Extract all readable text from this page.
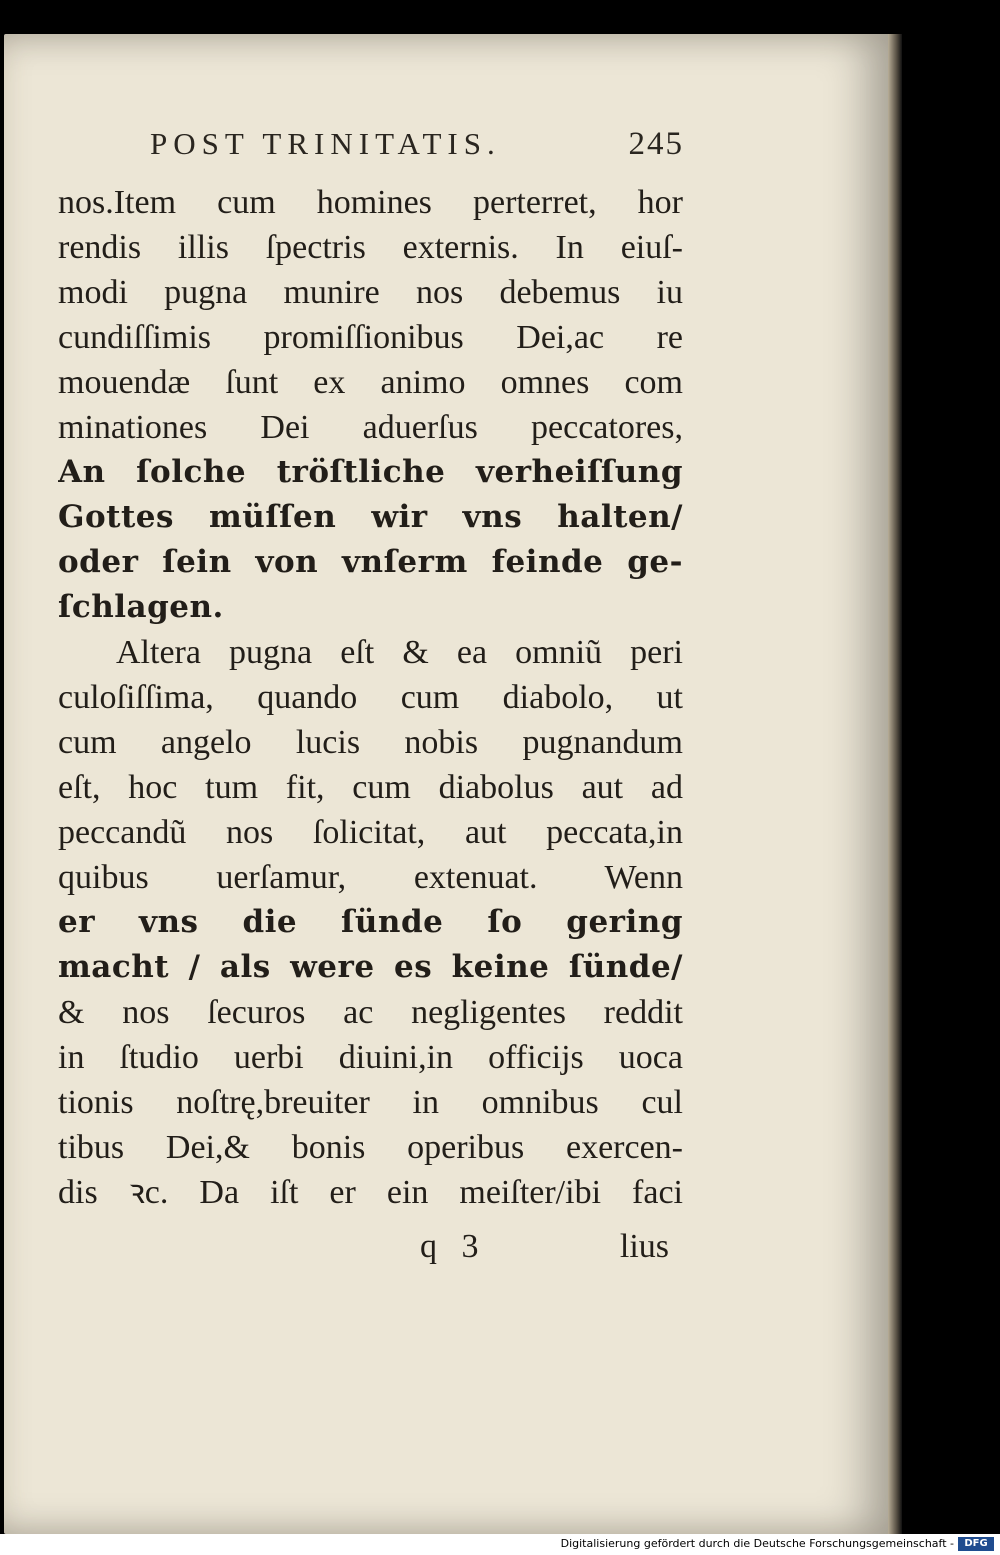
POST TRINITATIS.	245
nos.Item cum homines perterret, hor
rendis illis ſpectris externis. In eiuſ-
modi pugna munire nos debemus iu
cundiſſimis promiſſionibus Dei,ac re
mouendæ ſunt ex animo omnes com
minationes Dei aduerſus peccatores,
An ſolche tröſtliche verheiſſung
Gottes müſſen wir vns halten/
oder ſein von vnſerm feinde ge-
ſchlagen.
Altera pugna eſt & ea omniũ peri
culoſiſſima, quando cum diabolo, ut
cum angelo lucis nobis pugnandum
eſt, hoc tum fit, cum diabolus aut ad
peccandũ nos ſolicitat, aut peccata,in
quibus uerſamur, extenuat. Wenn
er vns die ſünde ſo gering
macht / als were es keine ſünde/
& nos ſecuros ac negligentes reddit
in ſtudio uerbi diuini,in officijs uoca
tionis noſtrę,breuiter in omnibus cul
tibus Dei,& bonis operibus exercen-
dis ꝛc. Da iſt er ein meiſter/ibi faci
q 3	lius
Digitalisierung gefördert durch die Deutsche Forschungsgemeinschaft -	DFG
